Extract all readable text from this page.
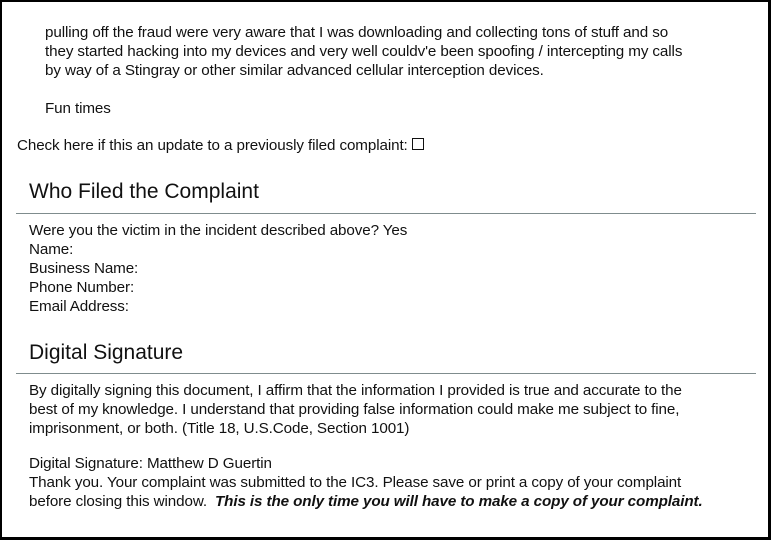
pulling off the fraud were very aware that I was downloading and collecting tons of stuff and so
they started hacking into my devices and very well couldv'e been spoofing / intercepting my calls
by way of a Stingray or other similar advanced cellular interception devices.
Fun times
Check here if this an update to a previously filed complaint:
Who Filed the Complaint
Were you the victim in the incident described above? Yes
Name:
Business Name:
Phone Number:
Email Address:
Digital Signature
By digitally signing this document, I affirm that the information I provided is true and accurate to the
best of my knowledge. I understand that providing false information could make me subject to fine,
imprisonment, or both. (Title 18, U.S.Code, Section 1001)
Digital Signature: Matthew D Guertin
Thank you. Your complaint was submitted to the IC3. Please save or print a copy of your complaint
before closing this window. This is the only time you will have to make a copy of your complaint.
